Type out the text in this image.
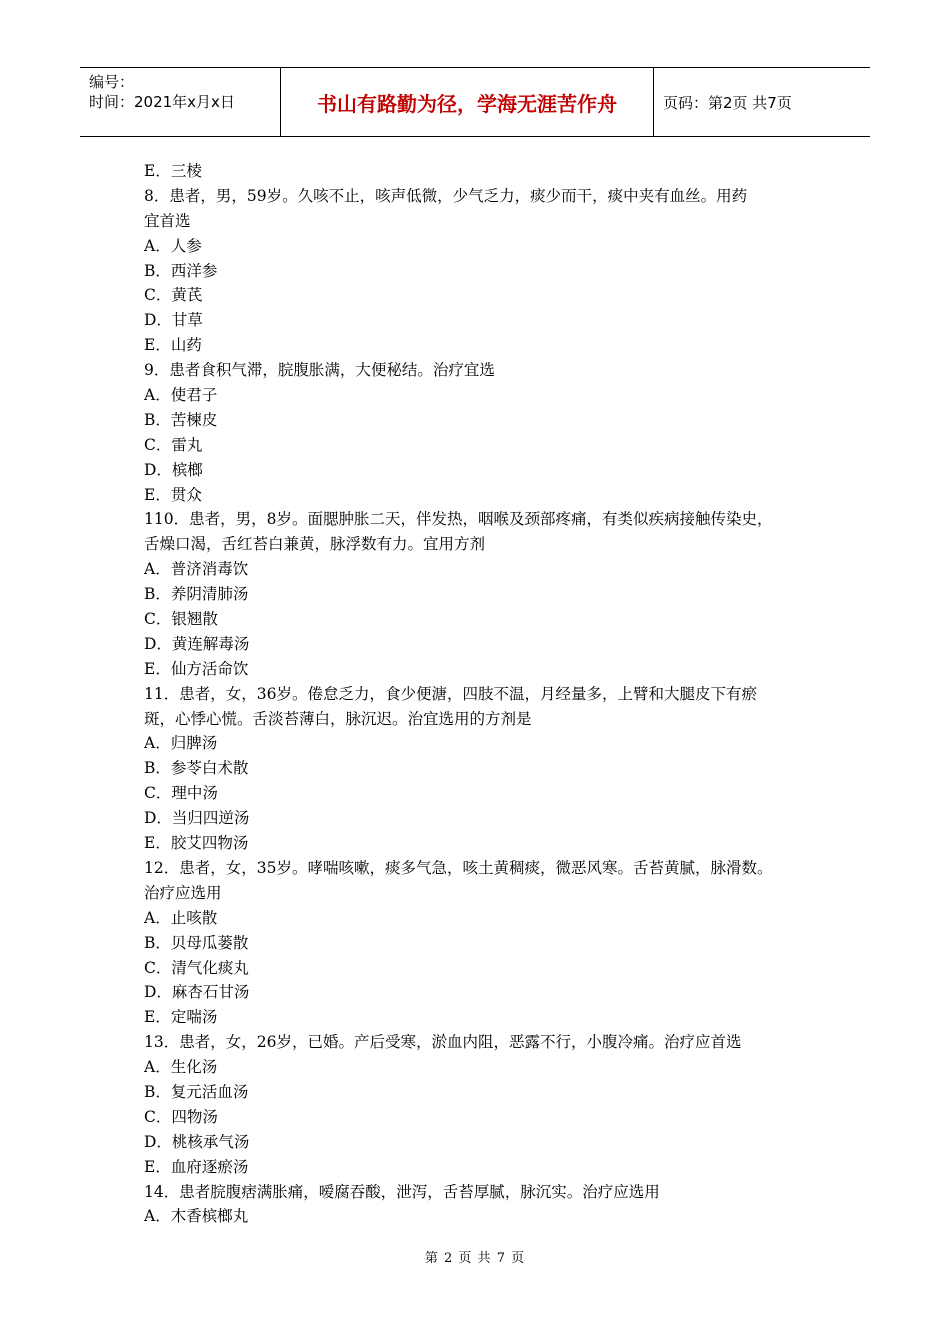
编号：
时间：2021年x月x日	书山有路勤为径，学海无涯苦作舟	页码：第2页 共7页
E．三棱
8．患者，男，59岁。久咳不止，咳声低微，少气乏力，痰少而干，痰中夹有血丝。用药
宜首选
A．人参
B．西洋参
C．黄芪
D．甘草
E．山药
9．患者食积气滞，脘腹胀满，大便秘结。治疗宜选
A．使君子
B．苦楝皮
C．雷丸
D．槟榔
E．贯众
110．患者，男，8岁。面腮肿胀二天，伴发热，咽喉及颈部疼痛，有类似疾病接触传染史，
舌燥口渴，舌红苔白兼黄，脉浮数有力。宜用方剂
A．普济消毒饮
B．养阴清肺汤
C．银翘散
D．黄连解毒汤
E．仙方活命饮
11．患者，女，36岁。倦怠乏力，食少便溏，四肢不温，月经量多，上臂和大腿皮下有瘀
斑，心悸心慌。舌淡苔薄白，脉沉迟。治宜选用的方剂是
A．归脾汤
B．参苓白术散
C．理中汤
D．当归四逆汤
E．胶艾四物汤
12．患者，女，35岁。哮喘咳嗽，痰多气急，咳土黄稠痰，微恶风寒。舌苔黄腻，脉滑数。
治疗应选用
A．止咳散
B．贝母瓜蒌散
C．清气化痰丸
D．麻杏石甘汤
E．定喘汤
13．患者，女，26岁，已婚。产后受寒，淤血内阻，恶露不行，小腹冷痛。治疗应首选
A．生化汤
B．复元活血汤
C．四物汤
D．桃核承气汤
E．血府逐瘀汤
14．患者脘腹痞满胀痛，嗳腐吞酸，泄泻，舌苔厚腻，脉沉实。治疗应选用
A．木香槟榔丸
第 2 页 共 7 页
